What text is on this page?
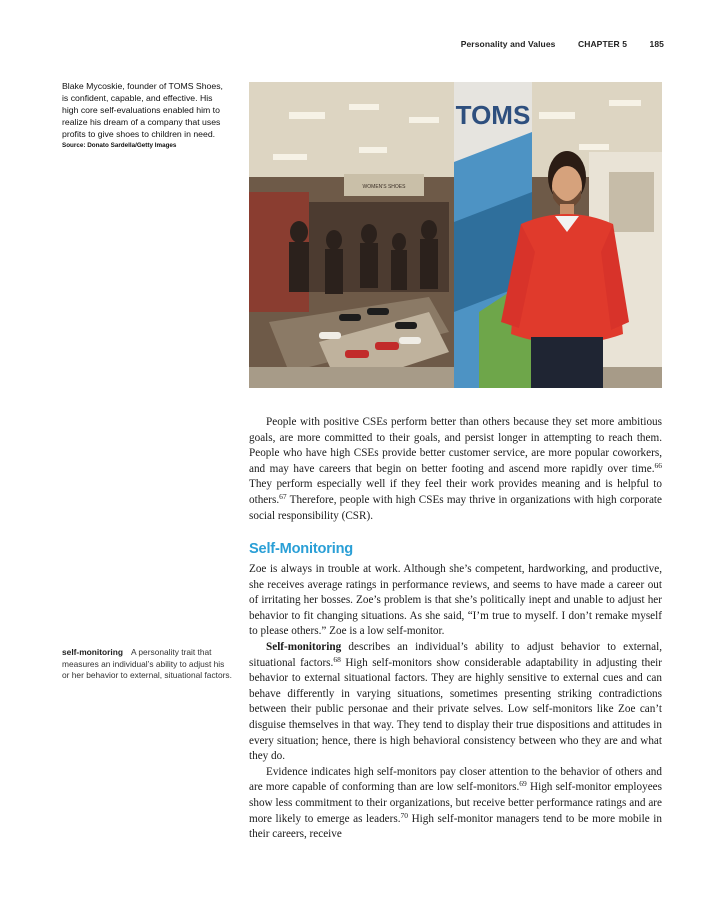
Personality and Values	CHAPTER 5	185
Blake Mycoskie, founder of TOMS Shoes, is confident, capable, and effective. His high core self-evaluations enabled him to realize his dream of a company that uses profits to give shoes to children in need.
Source: Donato Sardella/Getty Images
WOMEN'S SHOES
TOMS

People with positive CSEs perform better than others because they set more ambitious goals, are more committed to their goals, and persist longer in attempting to reach them. People who have high CSEs provide better customer service, are more popular coworkers, and may have careers that begin on better footing and ascend more rapidly over time.$^{66}$ They perform especially well if they feel their work provides meaning and is helpful to others.$^{67}$ Therefore, people with high CSEs may thrive in organizations with high corporate social responsibility (CSR).

Self-Monitoring

Zoe is always in trouble at work. Although she’s competent, hardworking, and productive, she receives average ratings in performance reviews, and seems to have made a career out of irritating her bosses. Zoe’s problem is that she’s politically inept and unable to adjust her behavior to fit changing situations. As she said, “I’m true to myself. I don’t remake myself to please others.” Zoe is a low self-monitor.

Self-monitoring describes an individual’s ability to adjust behavior to external, situational factors.$^{68}$ High self-monitors show considerable adaptability in adjusting their behavior to external situational factors. They are highly sensitive to external cues and can behave differently in varying situations, sometimes presenting striking contradictions between their public personae and their private selves. Low self-monitors like Zoe can’t disguise themselves in that way. They tend to display their true dispositions and attitudes in every situation; hence, there is high behavioral consistency between who they are and what they do.

Evidence indicates high self-monitors pay closer attention to the behavior of others and are more capable of conforming than are low self-monitors.$^{69}$ High self-monitor employees show less commitment to their organizations, but receive better performance ratings and are more likely to emerge as leaders.$^{70}$ High self-monitor managers tend to be more mobile in their careers, receive

self-monitoring A personality trait that measures an individual’s ability to adjust his or her behavior to external, situational factors.
